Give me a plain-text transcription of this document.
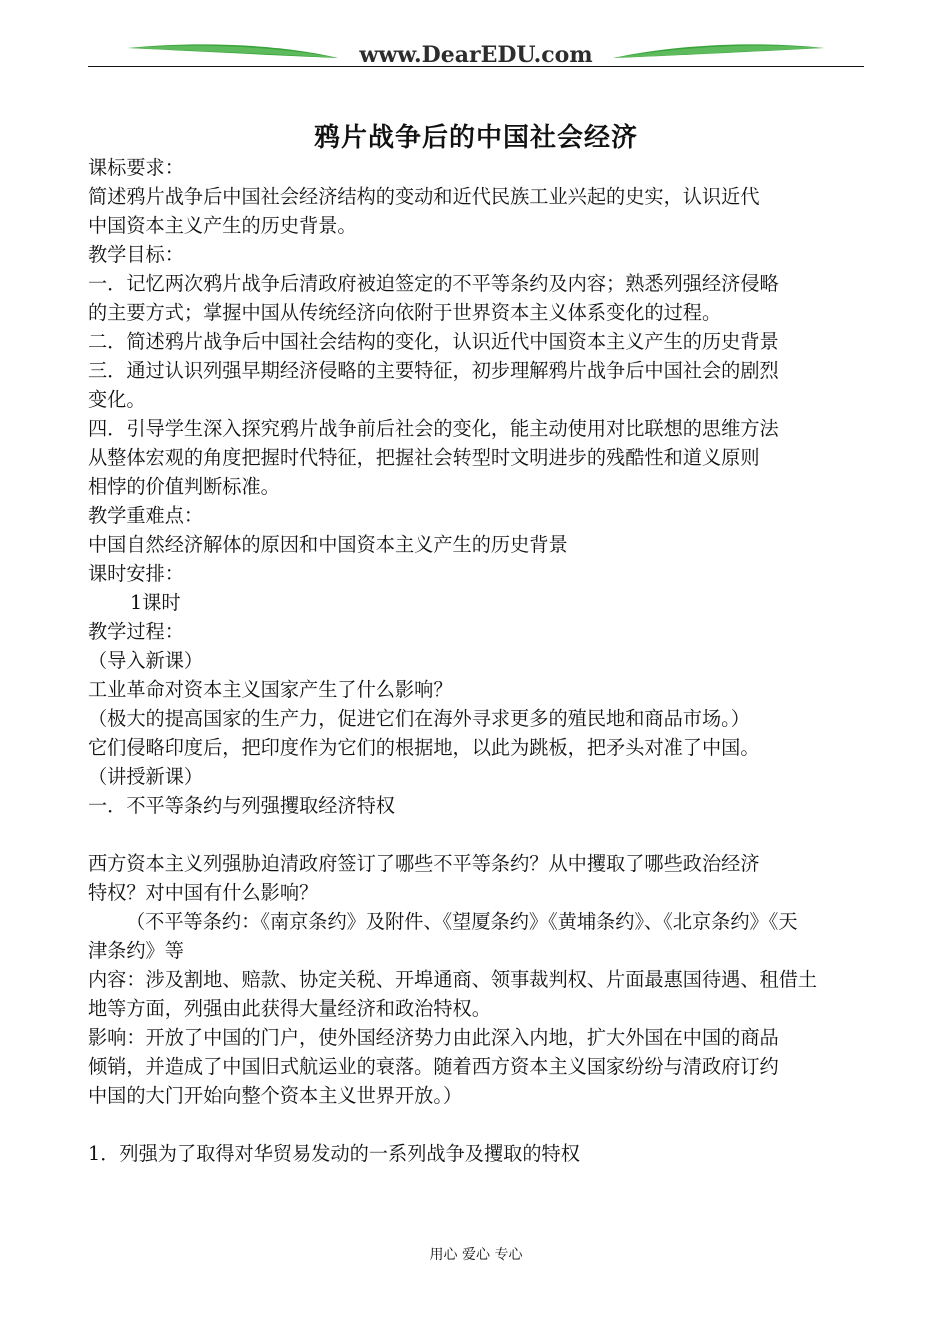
www.DearEDU.com
鸦片战争后的中国社会经济

课标要求：

简述鸦片战争后中国社会经济结构的变动和近代民族工业兴起的史实，认识近代

中国资本主义产生的历史背景。

教学目标：

一．记忆两次鸦片战争后清政府被迫签定的不平等条约及内容；熟悉列强经济侵略

的主要方式；掌握中国从传统经济向依附于世界资本主义体系变化的过程。

二．简述鸦片战争后中国社会结构的变化，认识近代中国资本主义产生的历史背景

三．通过认识列强早期经济侵略的主要特征，初步理解鸦片战争后中国社会的剧烈

变化。

四．引导学生深入探究鸦片战争前后社会的变化，能主动使用对比联想的思维方法

从整体宏观的角度把握时代特征，把握社会转型时文明进步的残酷性和道义原则

相悖的价值判断标准。

教学重难点：

中国自然经济解体的原因和中国资本主义产生的历史背景

课时安排：

1课时

教学过程：

（导入新课）

工业革命对资本主义国家产生了什么影响？

（极大的提高国家的生产力，促进它们在海外寻求更多的殖民地和商品市场。）

它们侵略印度后，把印度作为它们的根据地，以此为跳板，把矛头对准了中国。

（讲授新课）

一．不平等条约与列强攫取经济特权

西方资本主义列强胁迫清政府签订了哪些不平等条约？从中攫取了哪些政治经济

特权？对中国有什么影响？

（不平等条约：《南京条约》及附件、《望厦条约》《黄埔条约》、《北京条约》《天

津条约》等

内容：涉及割地、赔款、协定关税、开埠通商、领事裁判权、片面最惠国待遇、租借土

地等方面，列强由此获得大量经济和政治特权。

影响：开放了中国的门户，使外国经济势力由此深入内地，扩大外国在中国的商品

倾销，并造成了中国旧式航运业的衰落。随着西方资本主义国家纷纷与清政府订约

中国的大门开始向整个资本主义世界开放。）

1．列强为了取得对华贸易发动的一系列战争及攫取的特权

用心 爱心 专心
